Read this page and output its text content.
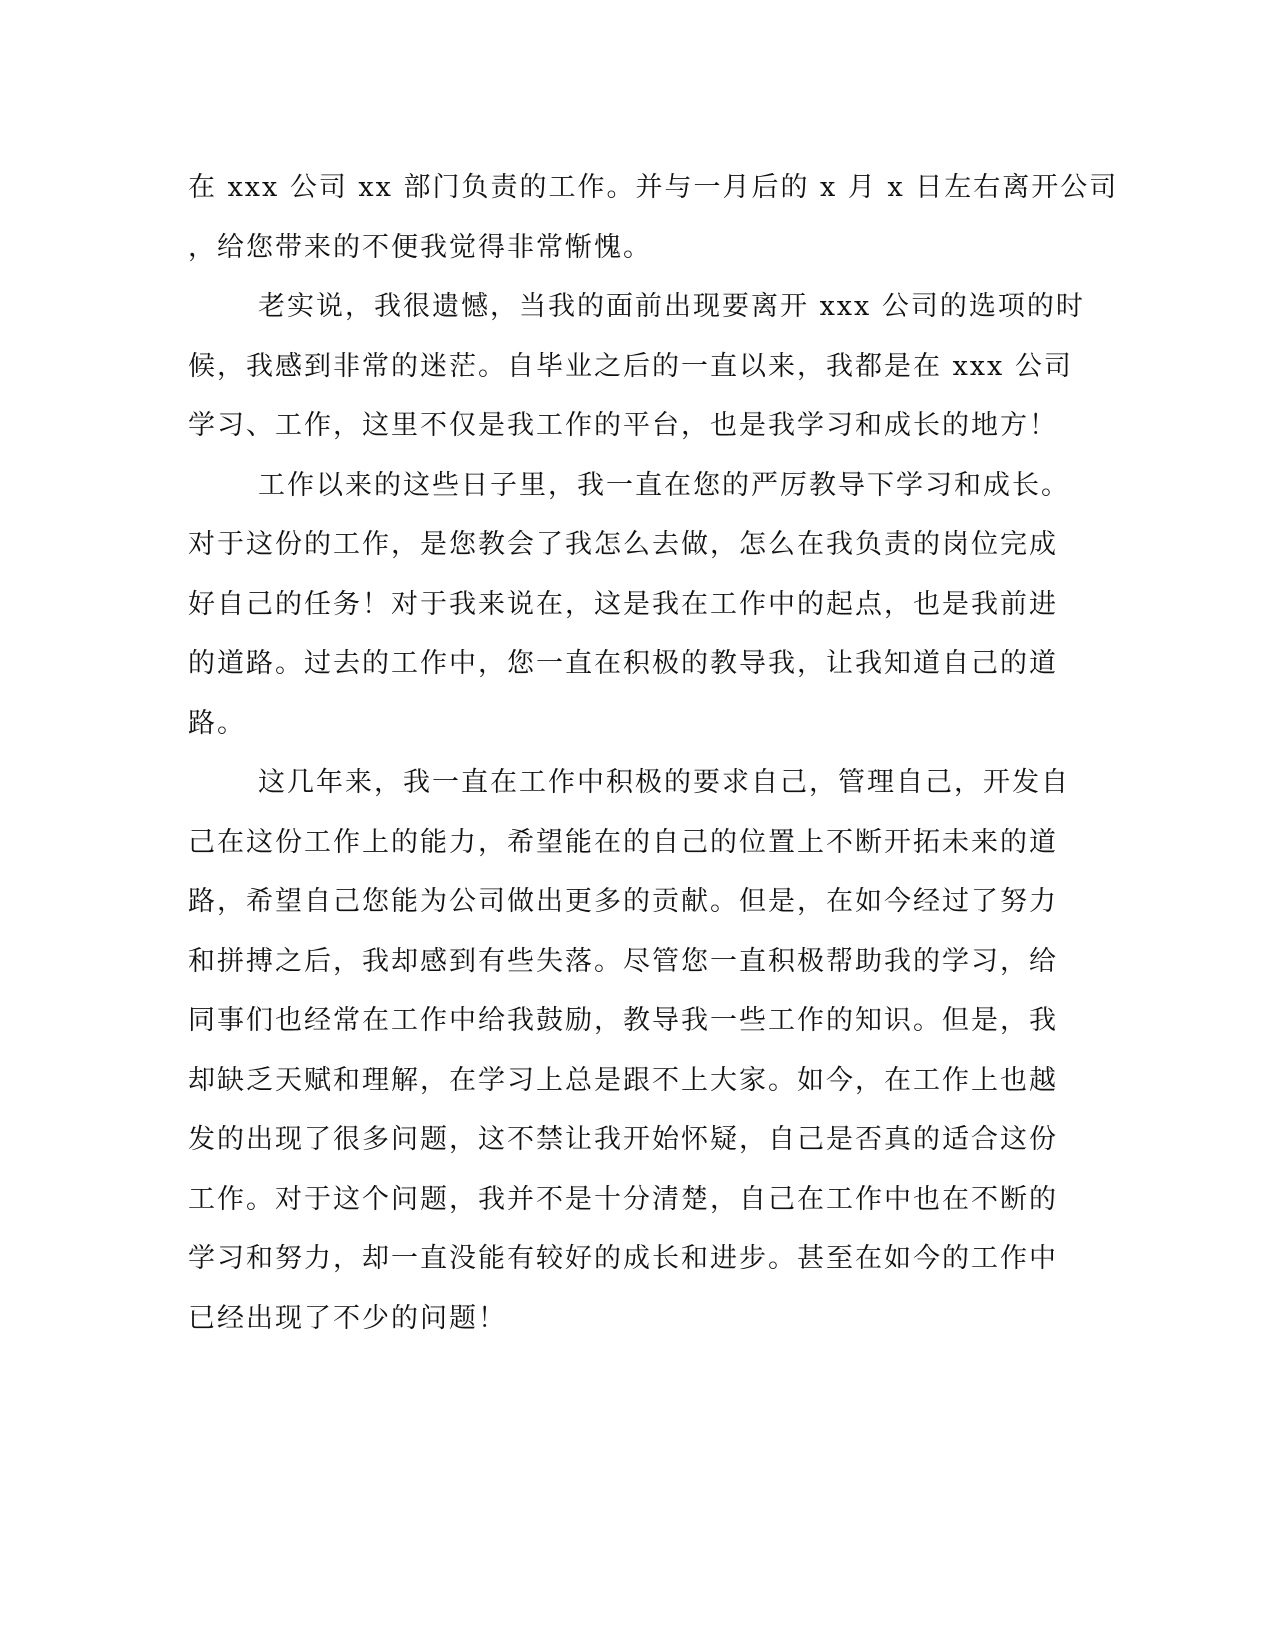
在 xxx 公司 xx 部门负责的工作。并与一月后的 x 月 x 日左右离开公司

，给您带来的不便我觉得非常惭愧。

老实说，我很遗憾，当我的面前出现要离开 xxx 公司的选项的时

候，我感到非常的迷茫。自毕业之后的一直以来，我都是在 xxx 公司

学习、工作，这里不仅是我工作的平台，也是我学习和成长的地方！

工作以来的这些日子里，我一直在您的严厉教导下学习和成长。

对于这份的工作，是您教会了我怎么去做，怎么在我负责的岗位完成

好自己的任务！对于我来说在，这是我在工作中的起点，也是我前进

的道路。过去的工作中，您一直在积极的教导我，让我知道自己的道

路。

这几年来，我一直在工作中积极的要求自己，管理自己，开发自

己在这份工作上的能力，希望能在的自己的位置上不断开拓未来的道

路，希望自己您能为公司做出更多的贡献。但是，在如今经过了努力

和拼搏之后，我却感到有些失落。尽管您一直积极帮助我的学习，给

同事们也经常在工作中给我鼓励，教导我一些工作的知识。但是，我

却缺乏天赋和理解，在学习上总是跟不上大家。如今，在工作上也越

发的出现了很多问题，这不禁让我开始怀疑，自己是否真的适合这份

工作。对于这个问题，我并不是十分清楚，自己在工作中也在不断的

学习和努力，却一直没能有较好的成长和进步。甚至在如今的工作中

已经出现了不少的问题！
